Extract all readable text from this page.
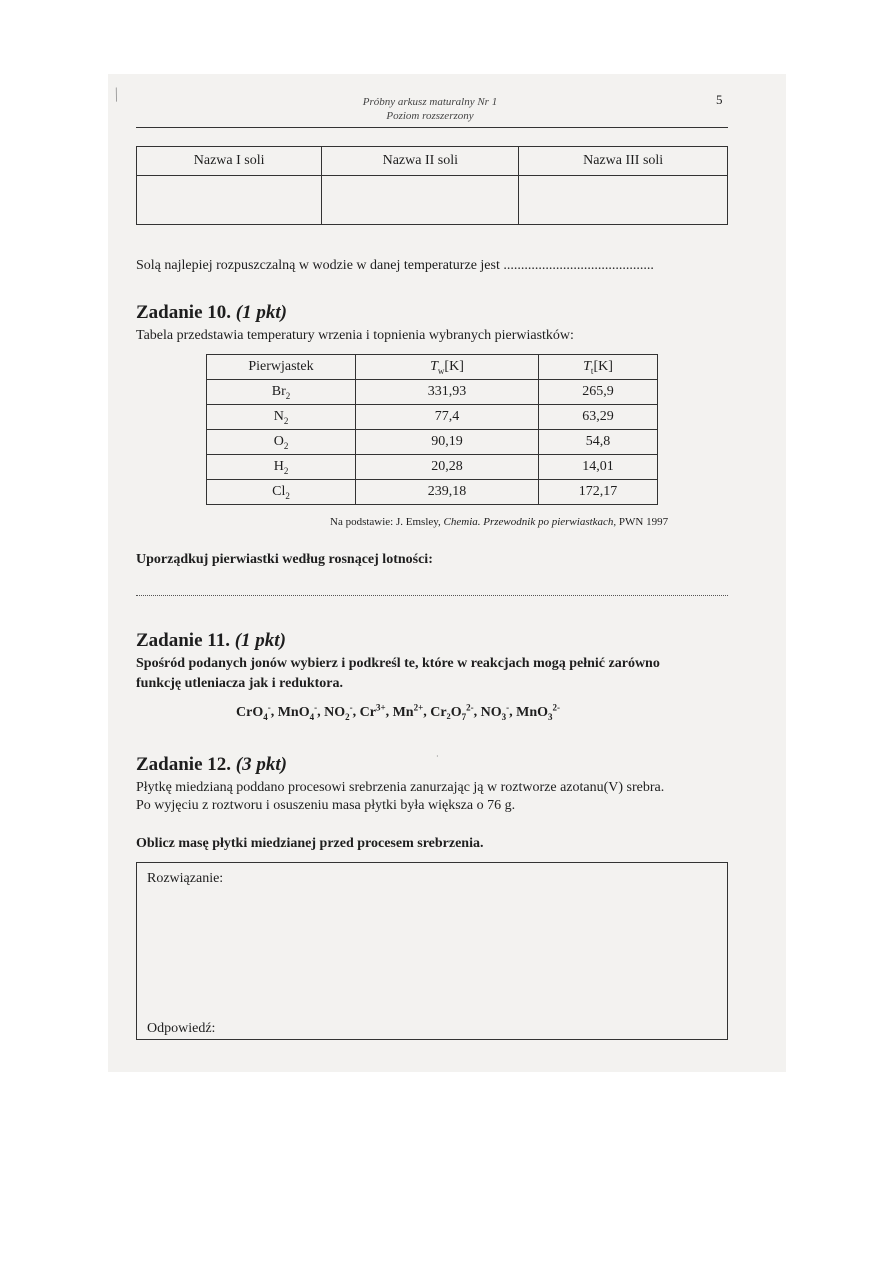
/	Próbny arkusz maturalny Nr 1
Poziom rozszerzony
5
Nazwa I soli	Nazwa II soli	Nazwa III soli

Solą najlepiej rozpuszczalną w wodzie w danej temperaturze jest ...........................................
Zadanie 10. (1 pkt)
Tabela przedstawia temperatury wrzenia i topnienia wybranych pierwiastków:
Pierwjastek	$T_w[K]$	$T_t[K]$
$Br_2$	331,93	265,9
$N_2$	77,4	63,29
$O_2$	90,19	54,8
$H_2$	20,28	14,01
$Cl_2$	239,18	172,17
Na podstawie: J. Emsley, Chemia. Przewodnik po pierwiastkach, PWN 1997
Uporządkuj pierwiastki według rosnącej lotności:
Zadanie 11. (1 pkt)
Spośród podanych jonów wybierz i podkreśl te, które w reakcjach mogą pełnić zarówno
funkcję utleniacza jak i reduktora.
CrO$_4$-, MnO$_4$-, $NO_2^-$, $Cr^{3+}$, $Mn^{2+}$, $Cr_2O_7^{2-}$, $NO_3^-$, MnO$_3^{2-}$
·
Zadanie 12. (3 pkt)
Płytkę miedzianą poddano procesowi srebrzenia zanurzając ją w roztworze azotanu(V) srebra.
Po wyjęciu z roztworu i osuszeniu masa płytki była większa o 76 g.
Oblicz masę płytki miedzianej przed procesem srebrzenia.
Rozwiązanie:
Odpowiedź:
